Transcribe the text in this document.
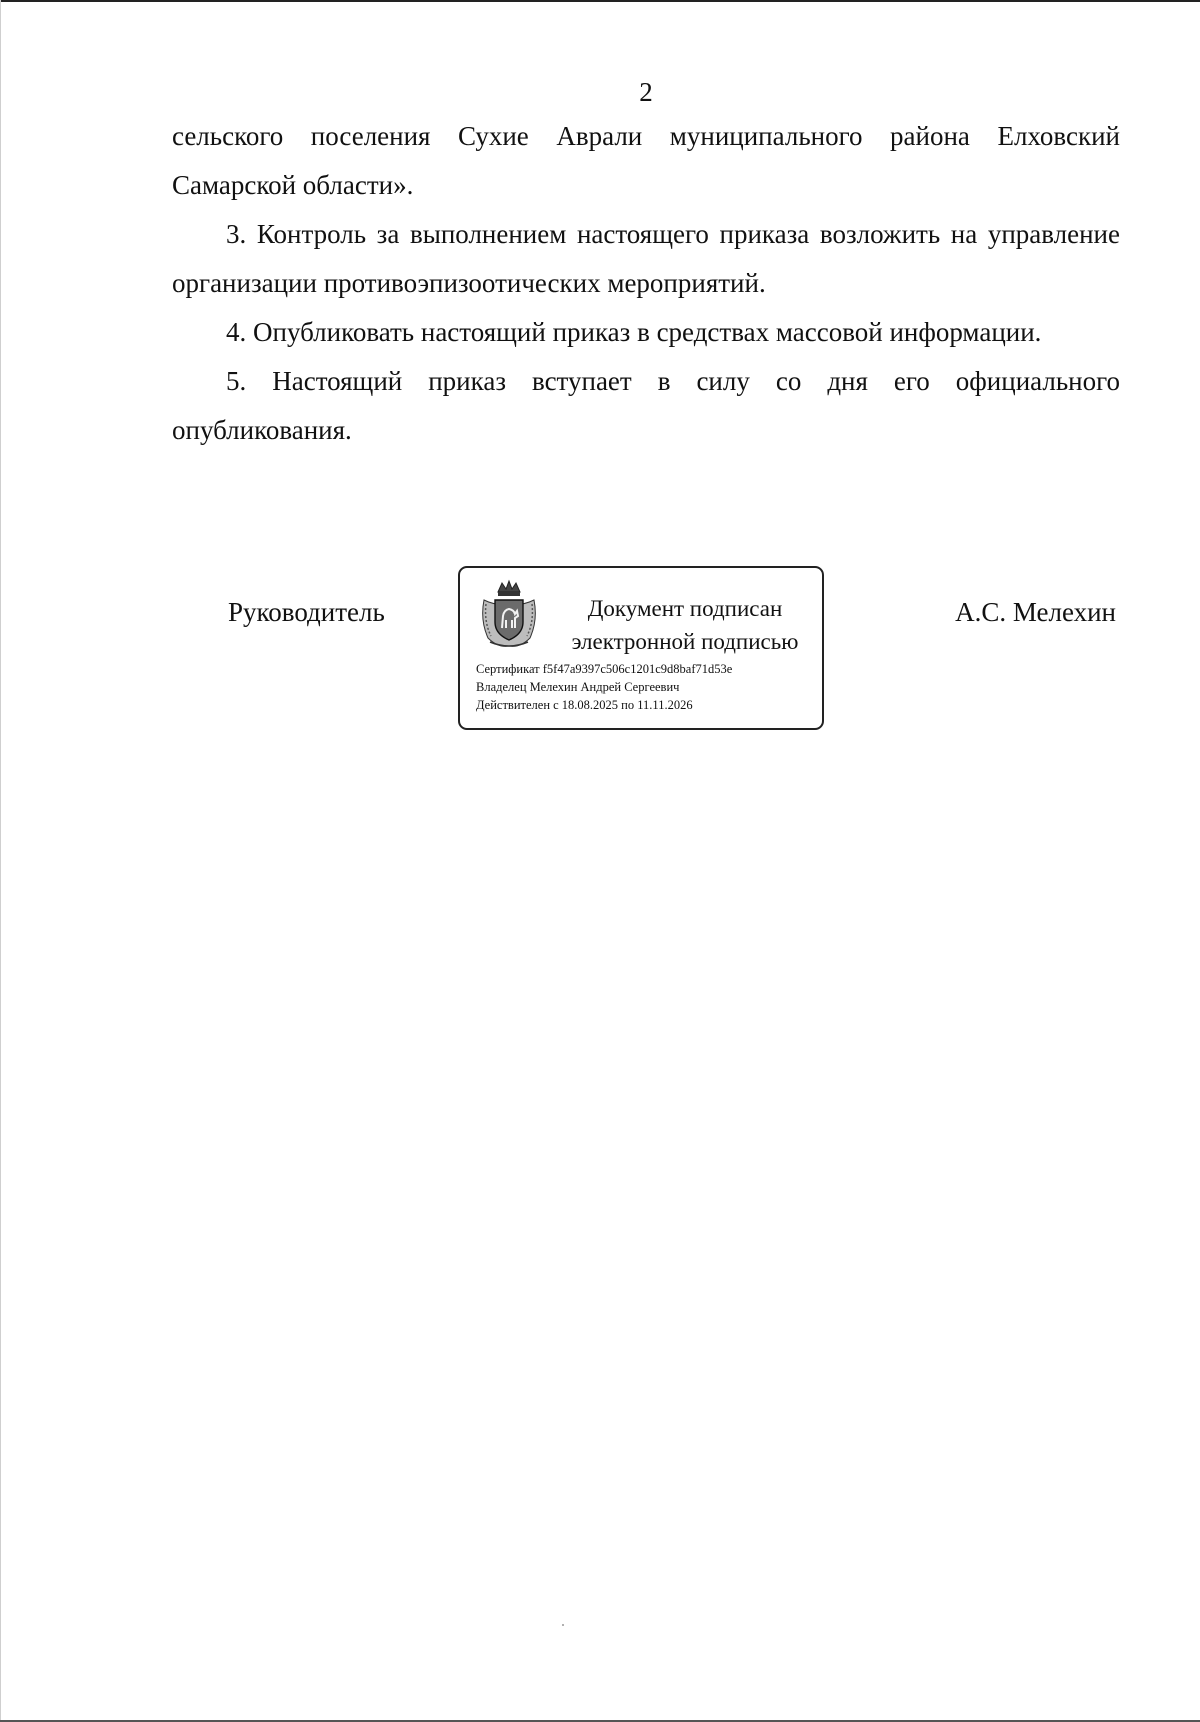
2

сельского поселения Сухие Аврали муниципального района Елховский Самарской области».

3. Контроль за выполнением настоящего приказа возложить на управление организации противоэпизоотических мероприятий.

4. Опубликовать настоящий приказ в средствах массовой информации.

5. Настоящий приказ вступает в силу со дня его официального опубликования.

Руководитель	Документ подписан
электронной подписью
Сертификат f5f47a9397c506c1201c9d8baf71d53e
Владелец Мелехин Андрей Сергеевич
Действителен с 18.08.2025 по 11.11.2026
А.С. Мелехин
